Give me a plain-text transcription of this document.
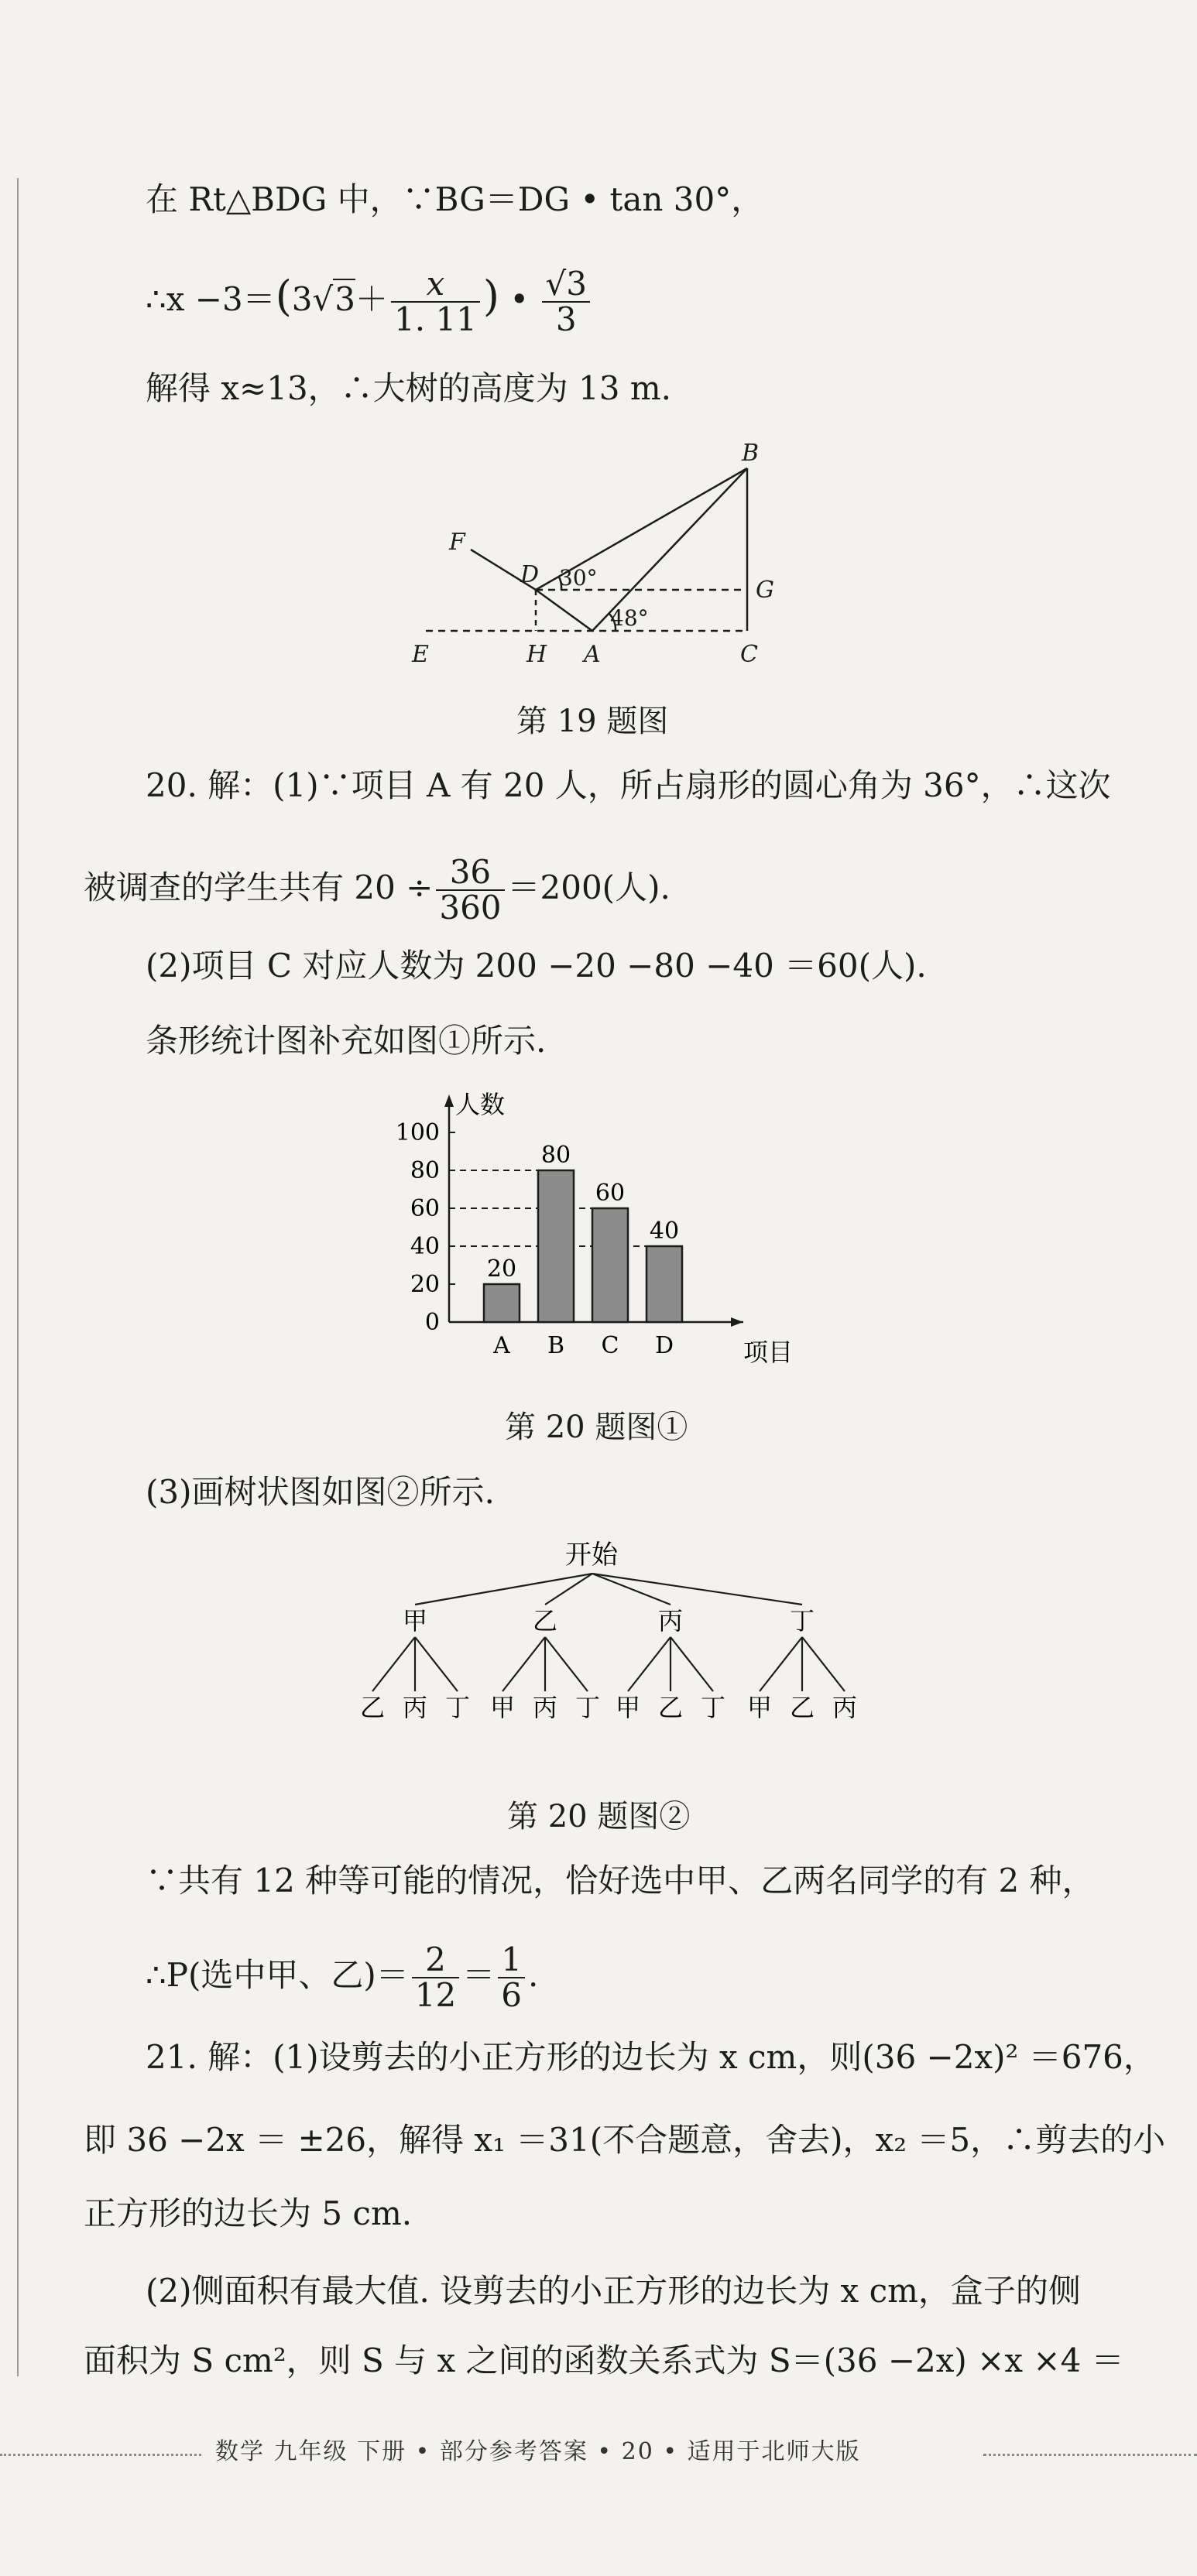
在 Rt△BDG 中，∵BG＝DG • tan 30°，
∴x $-3=(3√3+ \frac{x}{1. 11}$ ) • $\frac{√3}{3}$
解得 x≈13，∴大树的高度为 13 m.
B
F
D 30°	G
48°
E	H A	C
第 19 题图
20. 解：(1)∵项目 A 有 20 人，所占扇形的圆心角为 36°，∴这次
被调查的学生共有 $20 \div \frac{36}{360} =200$(人).
(2)项目 C 对应人数为 200 −20 −80 −40 ＝60(人).
条形统计图补充如图①所示.
0
20
40
60
80
100
A B C D
20
80
60
40
人数
项目
第 20 题图①
(3)画树状图如图②所示.
开始
甲
乙 丙 丁
乙
甲 丙 丁
丙
甲 乙 丁
丁
甲 乙 丙
第 20 题图②
∵共有 12 种等可能的情况，恰好选中甲、乙两名同学的有 2 种，
∴P(选中甲、乙)＝ $\frac{2}{12} = \frac{1}{6}$ .
21. 解：(1)设剪去的小正方形的边长为 x cm，则(36 −2x)² ＝676，
即 36 −2x ＝ ±26，解得 x₁ ＝31(不合题意，舍去)，x₂ ＝5，∴剪去的小
正方形的边长为 5 cm.
(2)侧面积有最大值. 设剪去的小正方形的边长为 x cm，盒子的侧
面积为 S cm²，则 S 与 x 之间的函数关系式为 S＝(36 −2x) ×x ×4 ＝
数学 九年级 下册 • 部分参考答案 • 20 • 适用于北师大版
